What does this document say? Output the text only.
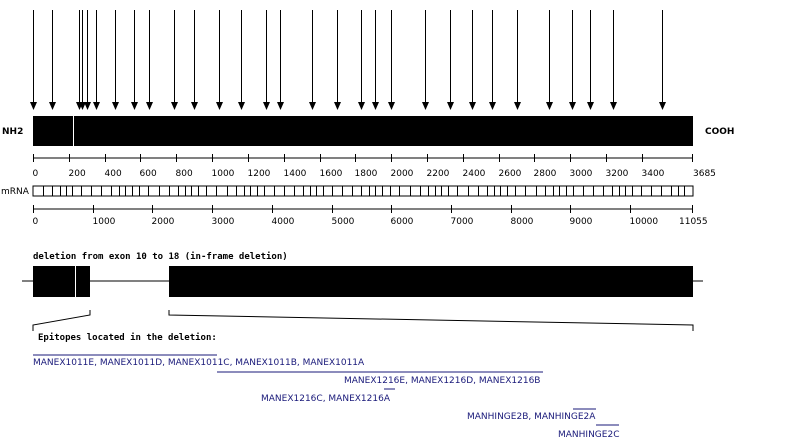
NH2	COOH
mRNA
3685
11055
0	200 400 600 800 1000 1200 1400 1600 1800 2000 2200 2400 2600 2800 3000 3200 3400
0	1000	2000	3000	4000	5000	6000	7000	8000	9000	10000
deletion from exon 10 to 18 (in-frame deletion)
Epitopes located in the deletion:
MANEX1011E, MANEX1011D, MANEX1011C, MANEX1011B, MANEX1011A
MANEX1216E, MANEX1216D, MANEX1216B
MANEX1216C, MANEX1216A
MANHINGE2B, MANHINGE2A
MANHINGE2C
